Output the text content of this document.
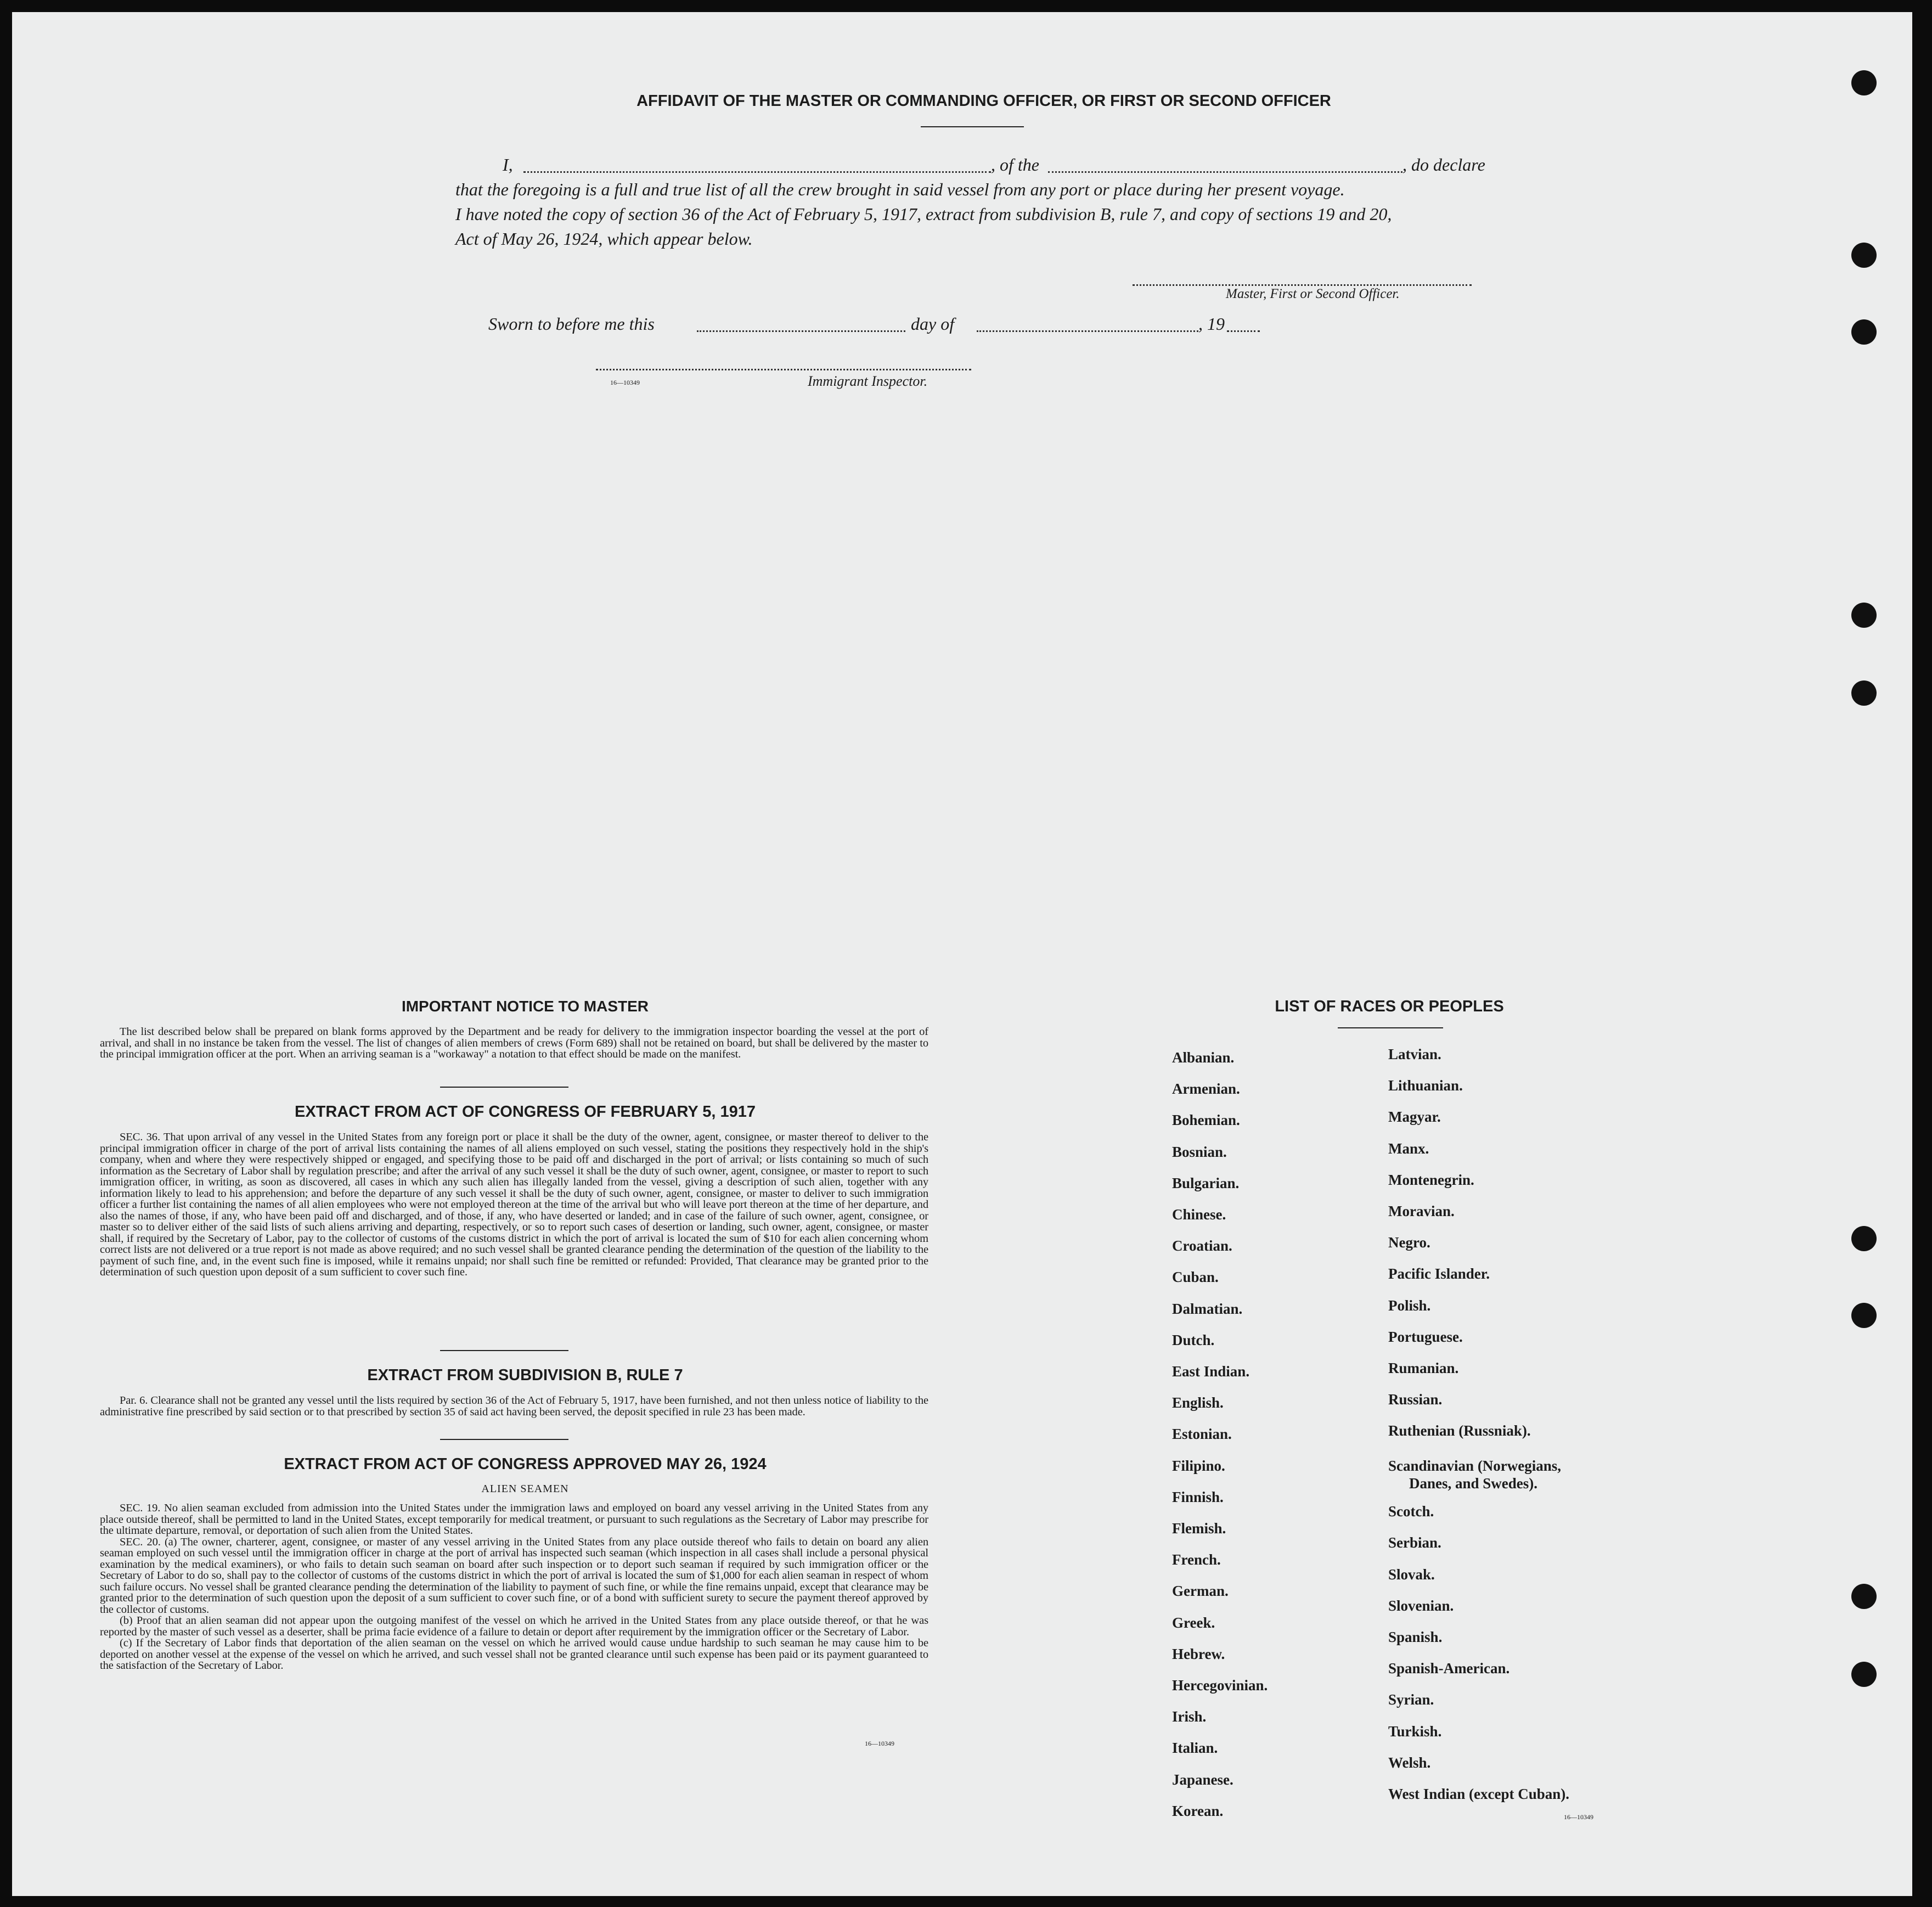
AFFIDAVIT OF THE MASTER OR COMMANDING OFFICER, OR FIRST OR SECOND OFFICER
I,	, of the	, do declare
that the foregoing is a full and true list of all the crew brought in said vessel from any port or place during her present voyage.
I have noted the copy of section 36 of the Act of February 5, 1917, extract from subdivision B, rule 7, and copy of sections 19 and 20,
Act of May 26, 1924, which appear below.
Master, First or Second Officer.
Sworn to before me this	day of	, 19
16—10349	Immigrant Inspector.
IMPORTANT NOTICE TO MASTER

The list described below shall be prepared on blank forms approved by the Department and be ready for delivery to the immigration inspector boarding the vessel at the port of arrival, and shall in no instance be taken from the vessel. The list of changes of alien members of crews (Form 689) shall not be retained on board, but shall be delivered by the master to the principal immigration officer at the port. When an arriving seaman is a "workaway" a notation to that effect should be made on the manifest.

EXTRACT FROM ACT OF CONGRESS OF FEBRUARY 5, 1917

SEC. 36. That upon arrival of any vessel in the United States from any foreign port or place it shall be the duty of the owner, agent, consignee, or master thereof to deliver to the principal immigration officer in charge of the port of arrival lists containing the names of all aliens employed on such vessel, stating the positions they respectively hold in the ship's company, when and where they were respectively shipped or engaged, and specifying those to be paid off and discharged in the port of arrival; or lists containing so much of such information as the Secretary of Labor shall by regulation prescribe; and after the arrival of any such vessel it shall be the duty of such owner, agent, consignee, or master to report to such immigration officer, in writing, as soon as discovered, all cases in which any such alien has illegally landed from the vessel, giving a description of such alien, together with any information likely to lead to his apprehension; and before the departure of any such vessel it shall be the duty of such owner, agent, consignee, or master to deliver to such immigration officer a further list containing the names of all alien employees who were not employed thereon at the time of the arrival but who will leave port thereon at the time of her departure, and also the names of those, if any, who have been paid off and discharged, and of those, if any, who have deserted or landed; and in case of the failure of such owner, agent, consignee, or master so to deliver either of the said lists of such aliens arriving and departing, respectively, or so to report such cases of desertion or landing, such owner, agent, consignee, or master shall, if required by the Secretary of Labor, pay to the collector of customs of the customs district in which the port of arrival is located the sum of $10 for each alien concerning whom correct lists are not delivered or a true report is not made as above required; and no such vessel shall be granted clearance pending the determination of the question of the liability to the payment of such fine, and, in the event such fine is imposed, while it remains unpaid; nor shall such fine be remitted or refunded: Provided, That clearance may be granted prior to the determination of such question upon deposit of a sum sufficient to cover such fine.

EXTRACT FROM SUBDIVISION B, RULE 7

Par. 6. Clearance shall not be granted any vessel until the lists required by section 36 of the Act of February 5, 1917, have been furnished, and not then unless notice of liability to the administrative fine prescribed by said section or to that prescribed by section 35 of said act having been served, the deposit specified in rule 23 has been made.

EXTRACT FROM ACT OF CONGRESS APPROVED MAY 26, 1924
ALIEN SEAMEN

SEC. 19. No alien seaman excluded from admission into the United States under the immigration laws and employed on board any vessel arriving in the United States from any place outside thereof, shall be permitted to land in the United States, except temporarily for medical treatment, or pursuant to such regulations as the Secretary of Labor may prescribe for the ultimate departure, removal, or deportation of such alien from the United States.

SEC. 20. (a) The owner, charterer, agent, consignee, or master of any vessel arriving in the United States from any place outside thereof who fails to detain on board any alien seaman employed on such vessel until the immigration officer in charge at the port of arrival has inspected such seaman (which inspection in all cases shall include a personal physical examination by the medical examiners), or who fails to detain such seaman on board after such inspection or to deport such seaman if required by such immigration officer or the Secretary of Labor to do so, shall pay to the collector of customs of the customs district in which the port of arrival is located the sum of $1,000 for each alien seaman in respect of whom such failure occurs. No vessel shall be granted clearance pending the determination of the liability to payment of such fine, or while the fine remains unpaid, except that clearance may be granted prior to the determination of such question upon the deposit of a sum sufficient to cover such fine, or of a bond with sufficient surety to secure the payment thereof approved by the collector of customs.

(b) Proof that an alien seaman did not appear upon the outgoing manifest of the vessel on which he arrived in the United States from any place outside thereof, or that he was reported by the master of such vessel as a deserter, shall be prima facie evidence of a failure to detain or deport after requirement by the immigration officer or the Secretary of Labor.

(c) If the Secretary of Labor finds that deportation of the alien seaman on the vessel on which he arrived would cause undue hardship to such seaman he may cause him to be deported on another vessel at the expense of the vessel on which he arrived, and such vessel shall not be granted clearance until such expense has been paid or its payment guaranteed to the satisfaction of the Secretary of Labor.

16—10349
LIST OF RACES OR PEOPLES
16—10349
Albanian.
Armenian.
Bohemian.
Bosnian.
Bulgarian.
Chinese.
Croatian.
Cuban.
Dalmatian.
Dutch.
East Indian.
English.
Estonian.
Filipino.
Finnish.
Flemish.
French.
German.
Greek.
Hebrew.
Hercegovinian.
Irish.
Italian.
Japanese.
Korean.
Latvian.
Lithuanian.
Magyar.
Manx.
Montenegrin.
Moravian.
Negro.
Pacific Islander.
Polish.
Portuguese.
Rumanian.
Russian.
Ruthenian (Russniak).
Scandinavian (Norwegians,
Danes, and Swedes).
Scotch.
Serbian.
Slovak.
Slovenian.
Spanish.
Spanish-American.
Syrian.
Turkish.
Welsh.
West Indian (except Cuban).
